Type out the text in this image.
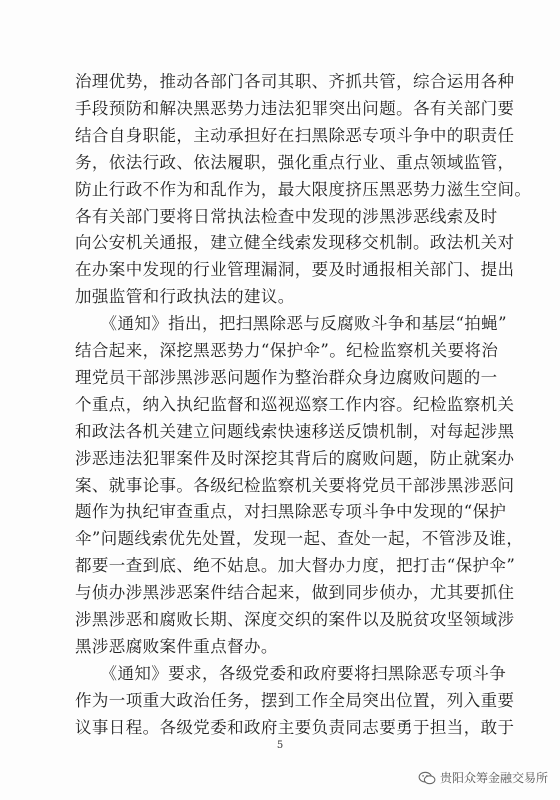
治理优势，推动各部门各司其职、齐抓共管，综合运用各种
手段预防和解决黑恶势力违法犯罪突出问题。各有关部门要
结合自身职能，主动承担好在扫黑除恶专项斗争中的职责任
务，依法行政、依法履职，强化重点行业、重点领域监管，
防止行政不作为和乱作为，最大限度挤压黑恶势力滋生空间。
各有关部门要将日常执法检查中发现的涉黑涉恶线索及时
向公安机关通报，建立健全线索发现移交机制。政法机关对
在办案中发现的行业管理漏洞，要及时通报相关部门、提出
加强监管和行政执法的建议。
　　《通知》指出，把扫黑除恶与反腐败斗争和基层“拍蝇”
结合起来，深挖黑恶势力“保护伞”。纪检监察机关要将治
理党员干部涉黑涉恶问题作为整治群众身边腐败问题的一
个重点，纳入执纪监督和巡视巡察工作内容。纪检监察机关
和政法各机关建立问题线索快速移送反馈机制，对每起涉黑
涉恶违法犯罪案件及时深挖其背后的腐败问题，防止就案办
案、就事论事。各级纪检监察机关要将党员干部涉黑涉恶问
题作为执纪审查重点，对扫黑除恶专项斗争中发现的“保护
伞”问题线索优先处置，发现一起、查处一起，不管涉及谁，
都要一查到底、绝不姑息。加大督办力度，把打击“保护伞”
与侦办涉黑涉恶案件结合起来，做到同步侦办，尤其要抓住
涉黑涉恶和腐败长期、深度交织的案件以及脱贫攻坚领域涉
黑涉恶腐败案件重点督办。
　　《通知》要求，各级党委和政府要将扫黑除恶专项斗争
作为一项重大政治任务，摆到工作全局突出位置，列入重要
议事日程。各级党委和政府主要负责同志要勇于担当，敢于
5
贵阳众筹金融交易所
